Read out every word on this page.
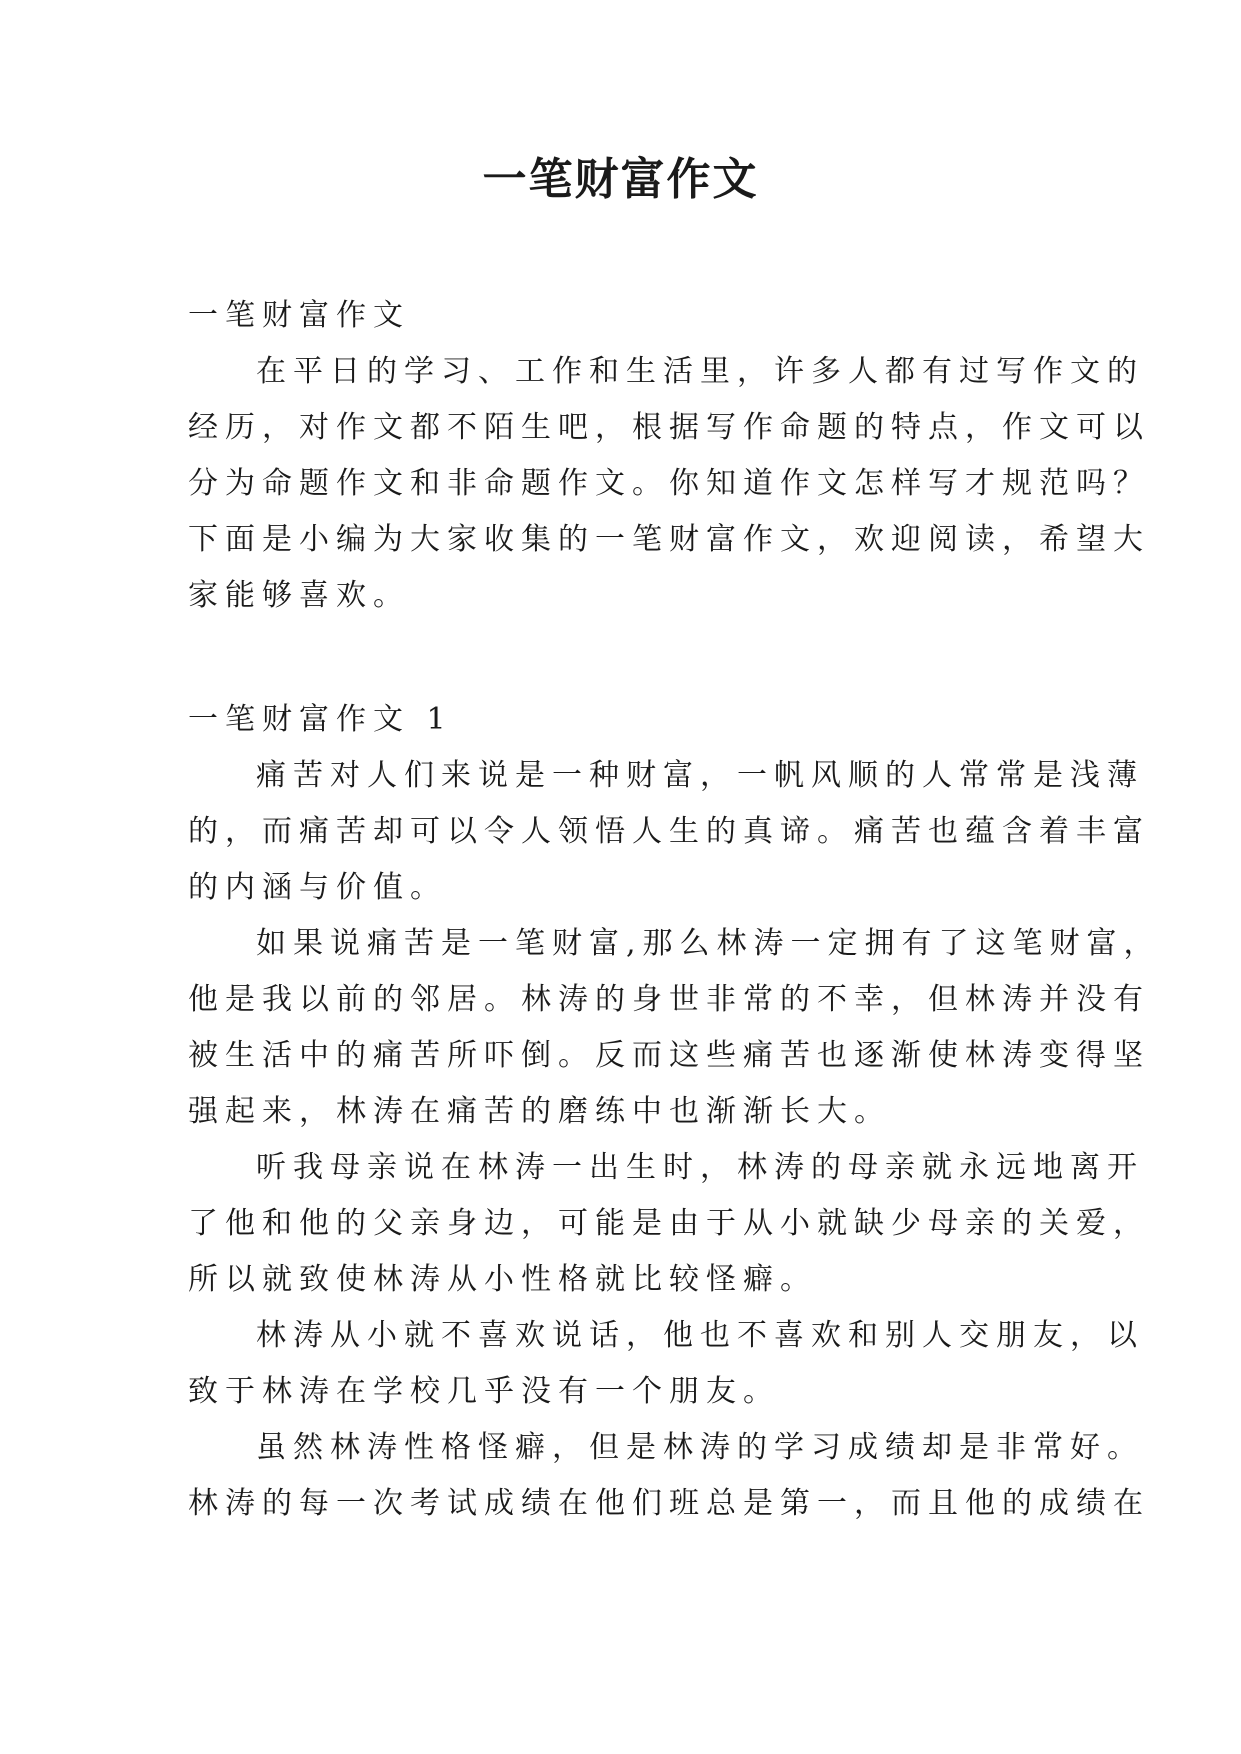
一笔财富作文
一笔财富作文
在平日的学习、工作和生活里，许多人都有过写作文的
经历，对作文都不陌生吧，根据写作命题的特点，作文可以
分为命题作文和非命题作文。你知道作文怎样写才规范吗？
下面是小编为大家收集的一笔财富作文，欢迎阅读，希望大
家能够喜欢。
一笔财富作文 1
痛苦对人们来说是一种财富，一帆风顺的人常常是浅薄
的，而痛苦却可以令人领悟人生的真谛。痛苦也蕴含着丰富
的内涵与价值。
如果说痛苦是一笔财富,那么林涛一定拥有了这笔财富，
他是我以前的邻居。林涛的身世非常的不幸，但林涛并没有
被生活中的痛苦所吓倒。反而这些痛苦也逐渐使林涛变得坚
强起来，林涛在痛苦的磨练中也渐渐长大。
听我母亲说在林涛一出生时，林涛的母亲就永远地离开
了他和他的父亲身边，可能是由于从小就缺少母亲的关爱，
所以就致使林涛从小性格就比较怪癖。
林涛从小就不喜欢说话，他也不喜欢和别人交朋友，以
致于林涛在学校几乎没有一个朋友。
虽然林涛性格怪癖，但是林涛的学习成绩却是非常好。
林涛的每一次考试成绩在他们班总是第一，而且他的成绩在
